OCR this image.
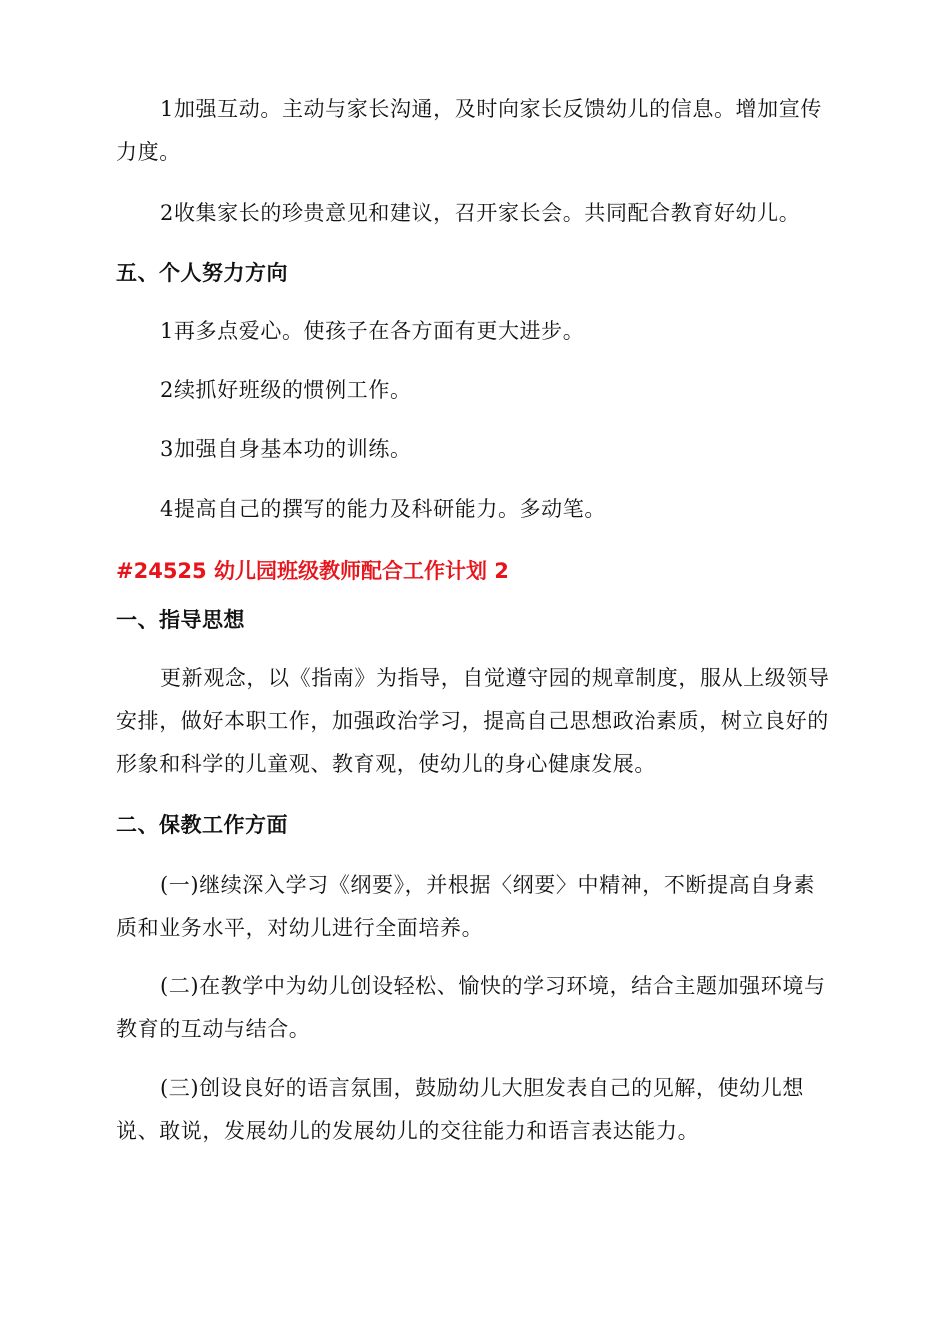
1加强互动。主动与家长沟通，及时向家长反馈幼儿的信息。增加宣传力度。

2收集家长的珍贵意见和建议，召开家长会。共同配合教育好幼儿。

五、个人努力方向

1再多点爱心。使孩子在各方面有更大进步。

2续抓好班级的惯例工作。

3加强自身基本功的训练。

4提高自己的撰写的能力及科研能力。多动笔。

#24525 幼儿园班级教师配合工作计划 2
一、指导思想

更新观念，以《指南》为指导，自觉遵守园的规章制度，服从上级领导安排，做好本职工作，加强政治学习，提高自己思想政治素质，树立良好的形象和科学的儿童观、教育观，使幼儿的身心健康发展。

二、保教工作方面

(一)继续深入学习《纲要》，并根据〈纲要〉中精神，不断提高自身素质和业务水平，对幼儿进行全面培养。

(二)在教学中为幼儿创设轻松、愉快的学习环境，结合主题加强环境与教育的互动与结合。

(三)创设良好的语言氛围，鼓励幼儿大胆发表自己的见解，使幼儿想说、敢说，发展幼儿的发展幼儿的交往能力和语言表达能力。
